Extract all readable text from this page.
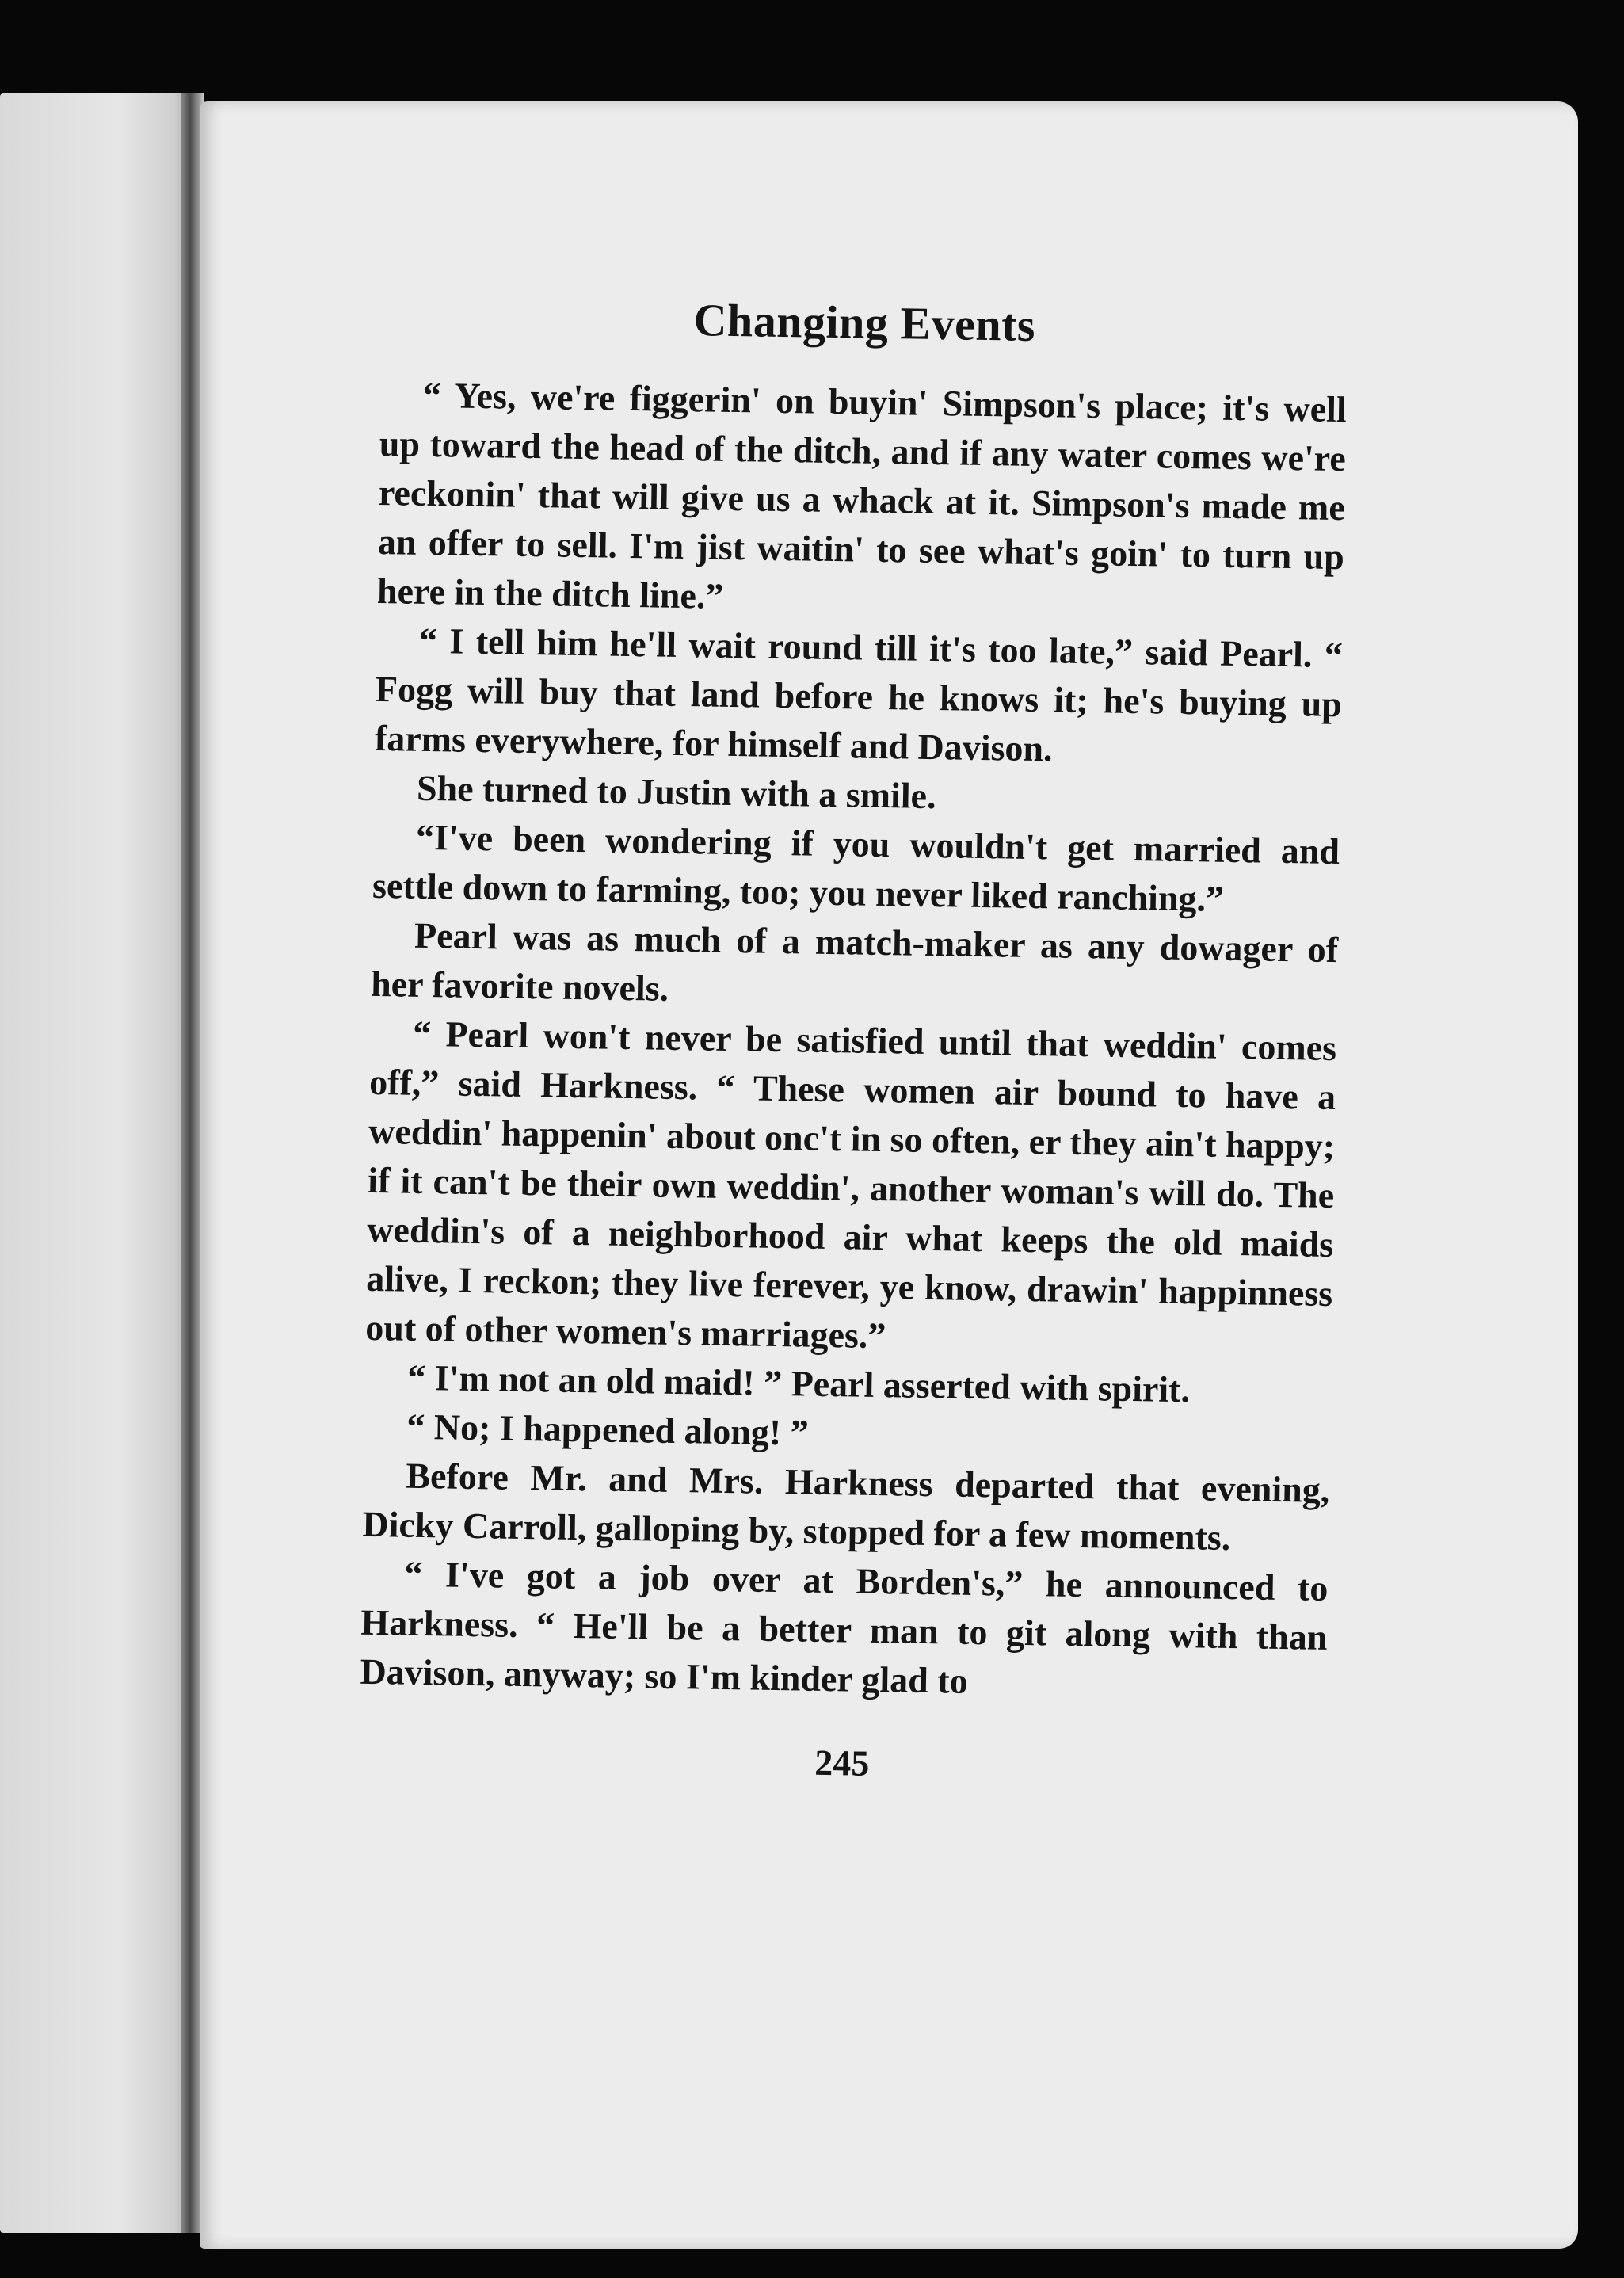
Changing Events

“ Yes, we're figgerin' on buyin' Simpson's place; it's well up toward the head of the ditch, and if any water comes we're reckonin' that will give us a whack at it. Simpson's made me an offer to sell. I'm jist waitin' to see what's goin' to turn up here in the ditch line.”

“ I tell him he'll wait round till it's too late,” said Pearl. “ Fogg will buy that land before he knows it; he's buying up farms everywhere, for himself and Davison.

She turned to Justin with a smile.

“I've been wondering if you wouldn't get married and settle down to farming, too; you never liked ranching.”

Pearl was as much of a match-maker as any dowager of her favorite novels.

“ Pearl won't never be satisfied until that weddin' comes off,” said Harkness. “ These women air bound to have a weddin' happenin' about onc't in so often, er they ain't happy; if it can't be their own weddin', another woman's will do. The weddin's of a neighborhood air what keeps the old maids alive, I reckon; they live ferever, ye know, drawin' happinness out of other women's marriages.”

“ I'm not an old maid! ” Pearl asserted with spirit.

“ No; I happened along! ”

Before Mr. and Mrs. Harkness departed that evening, Dicky Carroll, galloping by, stopped for a few moments.

“ I've got a job over at Borden's,” he announced to Harkness. “ He'll be a better man to git along with than Davison, anyway; so I'm kinder glad to

245
